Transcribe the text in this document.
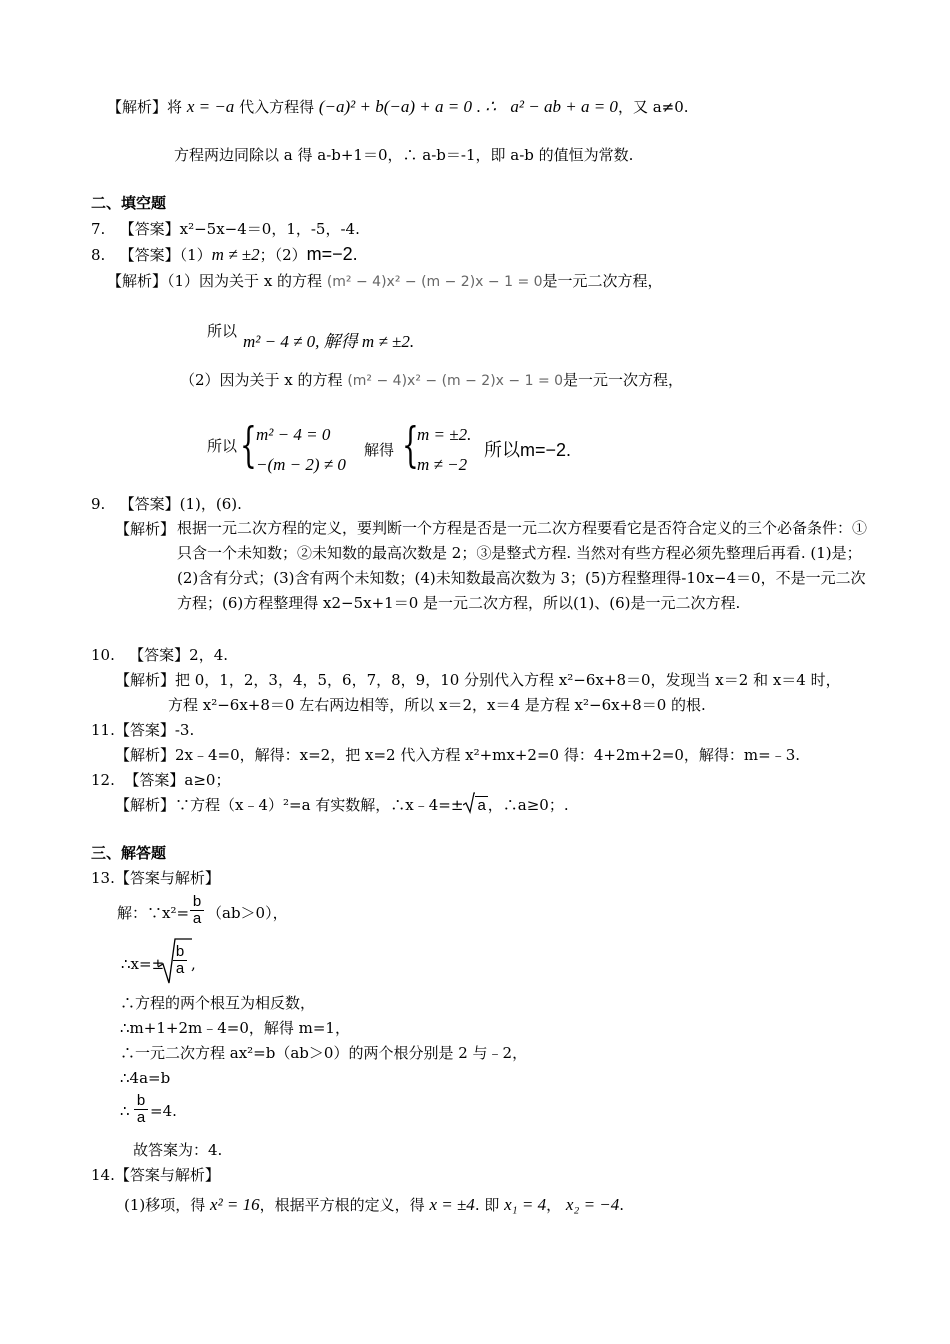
【解析】将 x = −a 代入方程得 (−a)² + b(−a) + a = 0 . ∴ a² − ab + a = 0，又 a≠0.
方程两边同除以 a 得 a-b+1＝0，∴ a-b＝-1，即 a-b 的值恒为常数.
二、填空题
7. 【答案】x²−5x−4＝0，1，-5，-4.
8. 【答案】（1）m ≠ ±2；（2）m=−2.
【解析】（1）因为关于 x 的方程 (m² − 4)x² − (m − 2)x − 1 = 0是一元二次方程，
所以
m² − 4 ≠ 0, 解得 m ≠ ±2.
（2）因为关于 x 的方程 (m² − 4)x² − (m − 2)x − 1 = 0是一元一次方程，
所以 { m² − 4 = 0
−(m − 2) ≠ 0
解得 {
m = ±2.
m ≠ −2
所以m=−2.
9. 【答案】(1)，(6).
【解析】 根据一元二次方程的定义，要判断一个方程是否是一元二次方程要看它是否符合定义的三个必备条件：①只含一个未知数；②未知数的最高次数是 2；③是整式方程. 当然对有些方程必须先整理后再看. (1)是；(2)含有分式；(3)含有两个未知数；(4)未知数最高次数为 3；(5)方程整理得-10x−4＝0，不是一元二次方程；(6)方程整理得 x2−5x+1＝0 是一元二次方程，所以(1)、(6)是一元二次方程.
10. 【答案】2，4.
【解析】把 0，1，2，3，4，5，6，7，8，9，10 分别代入方程 x²−6x+8＝0，发现当 x＝2 和 x＝4 时，
方程 x²−6x+8＝0 左右两边相等，所以 x＝2，x＝4 是方程 x²−6x+8＝0 的根.
11.【答案】-3.
【解析】2x﹣4=0，解得：x=2，把 x=2 代入方程 x²+mx+2=0 得：4+2m+2=0，解得：m=﹣3.
12. 【答案】a≥0；
【解析】∵方程（x﹣4）²=a 有实数解，∴x﹣4=± a ，∴a≥0；.
三、解答题
13.【答案与解析】
解：∵x²= $\frac{b}{a} (ab>0)$，
∴x=± $\frac{b}{a}$ ,
∴方程的两个根互为相反数，
∴m+1+2m﹣4=0，解得 m=1，
∴一元二次方程 ax²=b（ab＞0）的两个根分别是 2 与﹣2，
∴4a=b
∴ $\frac{b}{a} =4$.
故答案为：4.
14.【答案与解析】
(1)移项，得 x² = 16，根据平方根的定义，得 x = ±4. 即 x₁ = 4， x₂ = −4.
